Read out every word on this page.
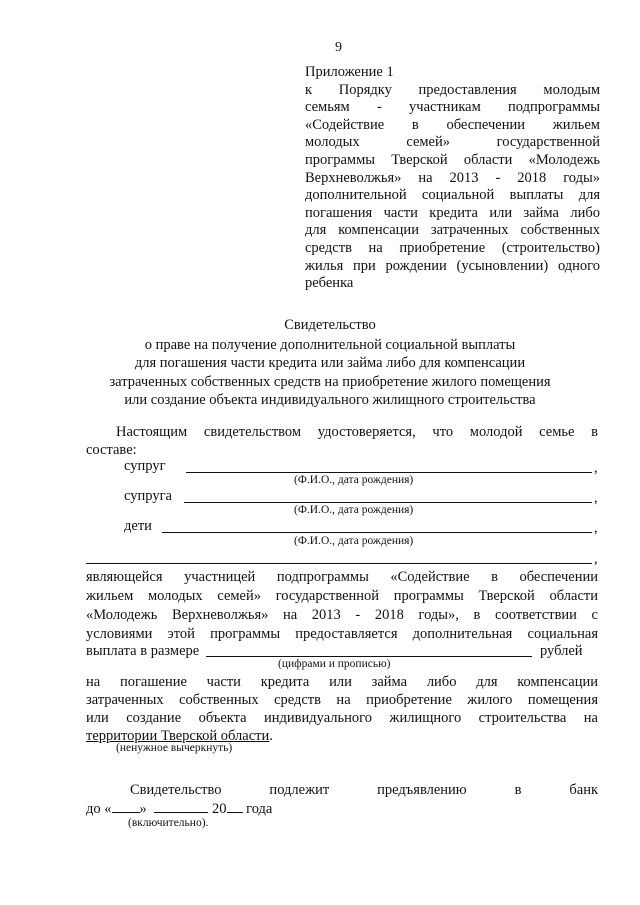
9
Приложение 1
к Порядку предоставления молодым
семьям - участникам подпрограммы
«Содействие в обеспечении жильем
молодых семей» государственной
программы Тверской области «Молодежь
Верхневолжья» на 2013 - 2018 годы»
дополнительной социальной выплаты для
погашения части кредита или займа либо
для компенсации затраченных собственных
средств на приобретение (строительство)
жилья при рождении (усыновлении) одного
ребенка
Свидетельство
о праве на получение дополнительной социальной выплаты
для погашения части кредита или займа либо для компенсации
затраченных собственных средств на приобретение жилого помещения
или создание объекта индивидуального жилищного строительства
Настоящим свидетельством удостоверяется, что молодой семье в
составе:
супруг	,
(Ф.И.О., дата рождения)
супруга	,
(Ф.И.О., дата рождения)
дети	,
(Ф.И.О., дата рождения)
,
являющейся участницей подпрограммы «Содействие в обеспечении
жильем молодых семей» государственной программы Тверской области
«Молодежь Верхневолжья» на 2013 - 2018 годы», в соответствии с
условиями этой программы предоставляется дополнительная социальная
выплата в размере	рублей
(цифрами и прописью)
на погашение части кредита или займа либо для компенсации
затраченных собственных средств на приобретение жилого помещения
или создание объекта индивидуального жилищного строительства на
территории Тверской области.
(ненужное вычеркнуть)
Свидетельство подлежит предъявлению в банк
до « »	20 года
(включительно).
